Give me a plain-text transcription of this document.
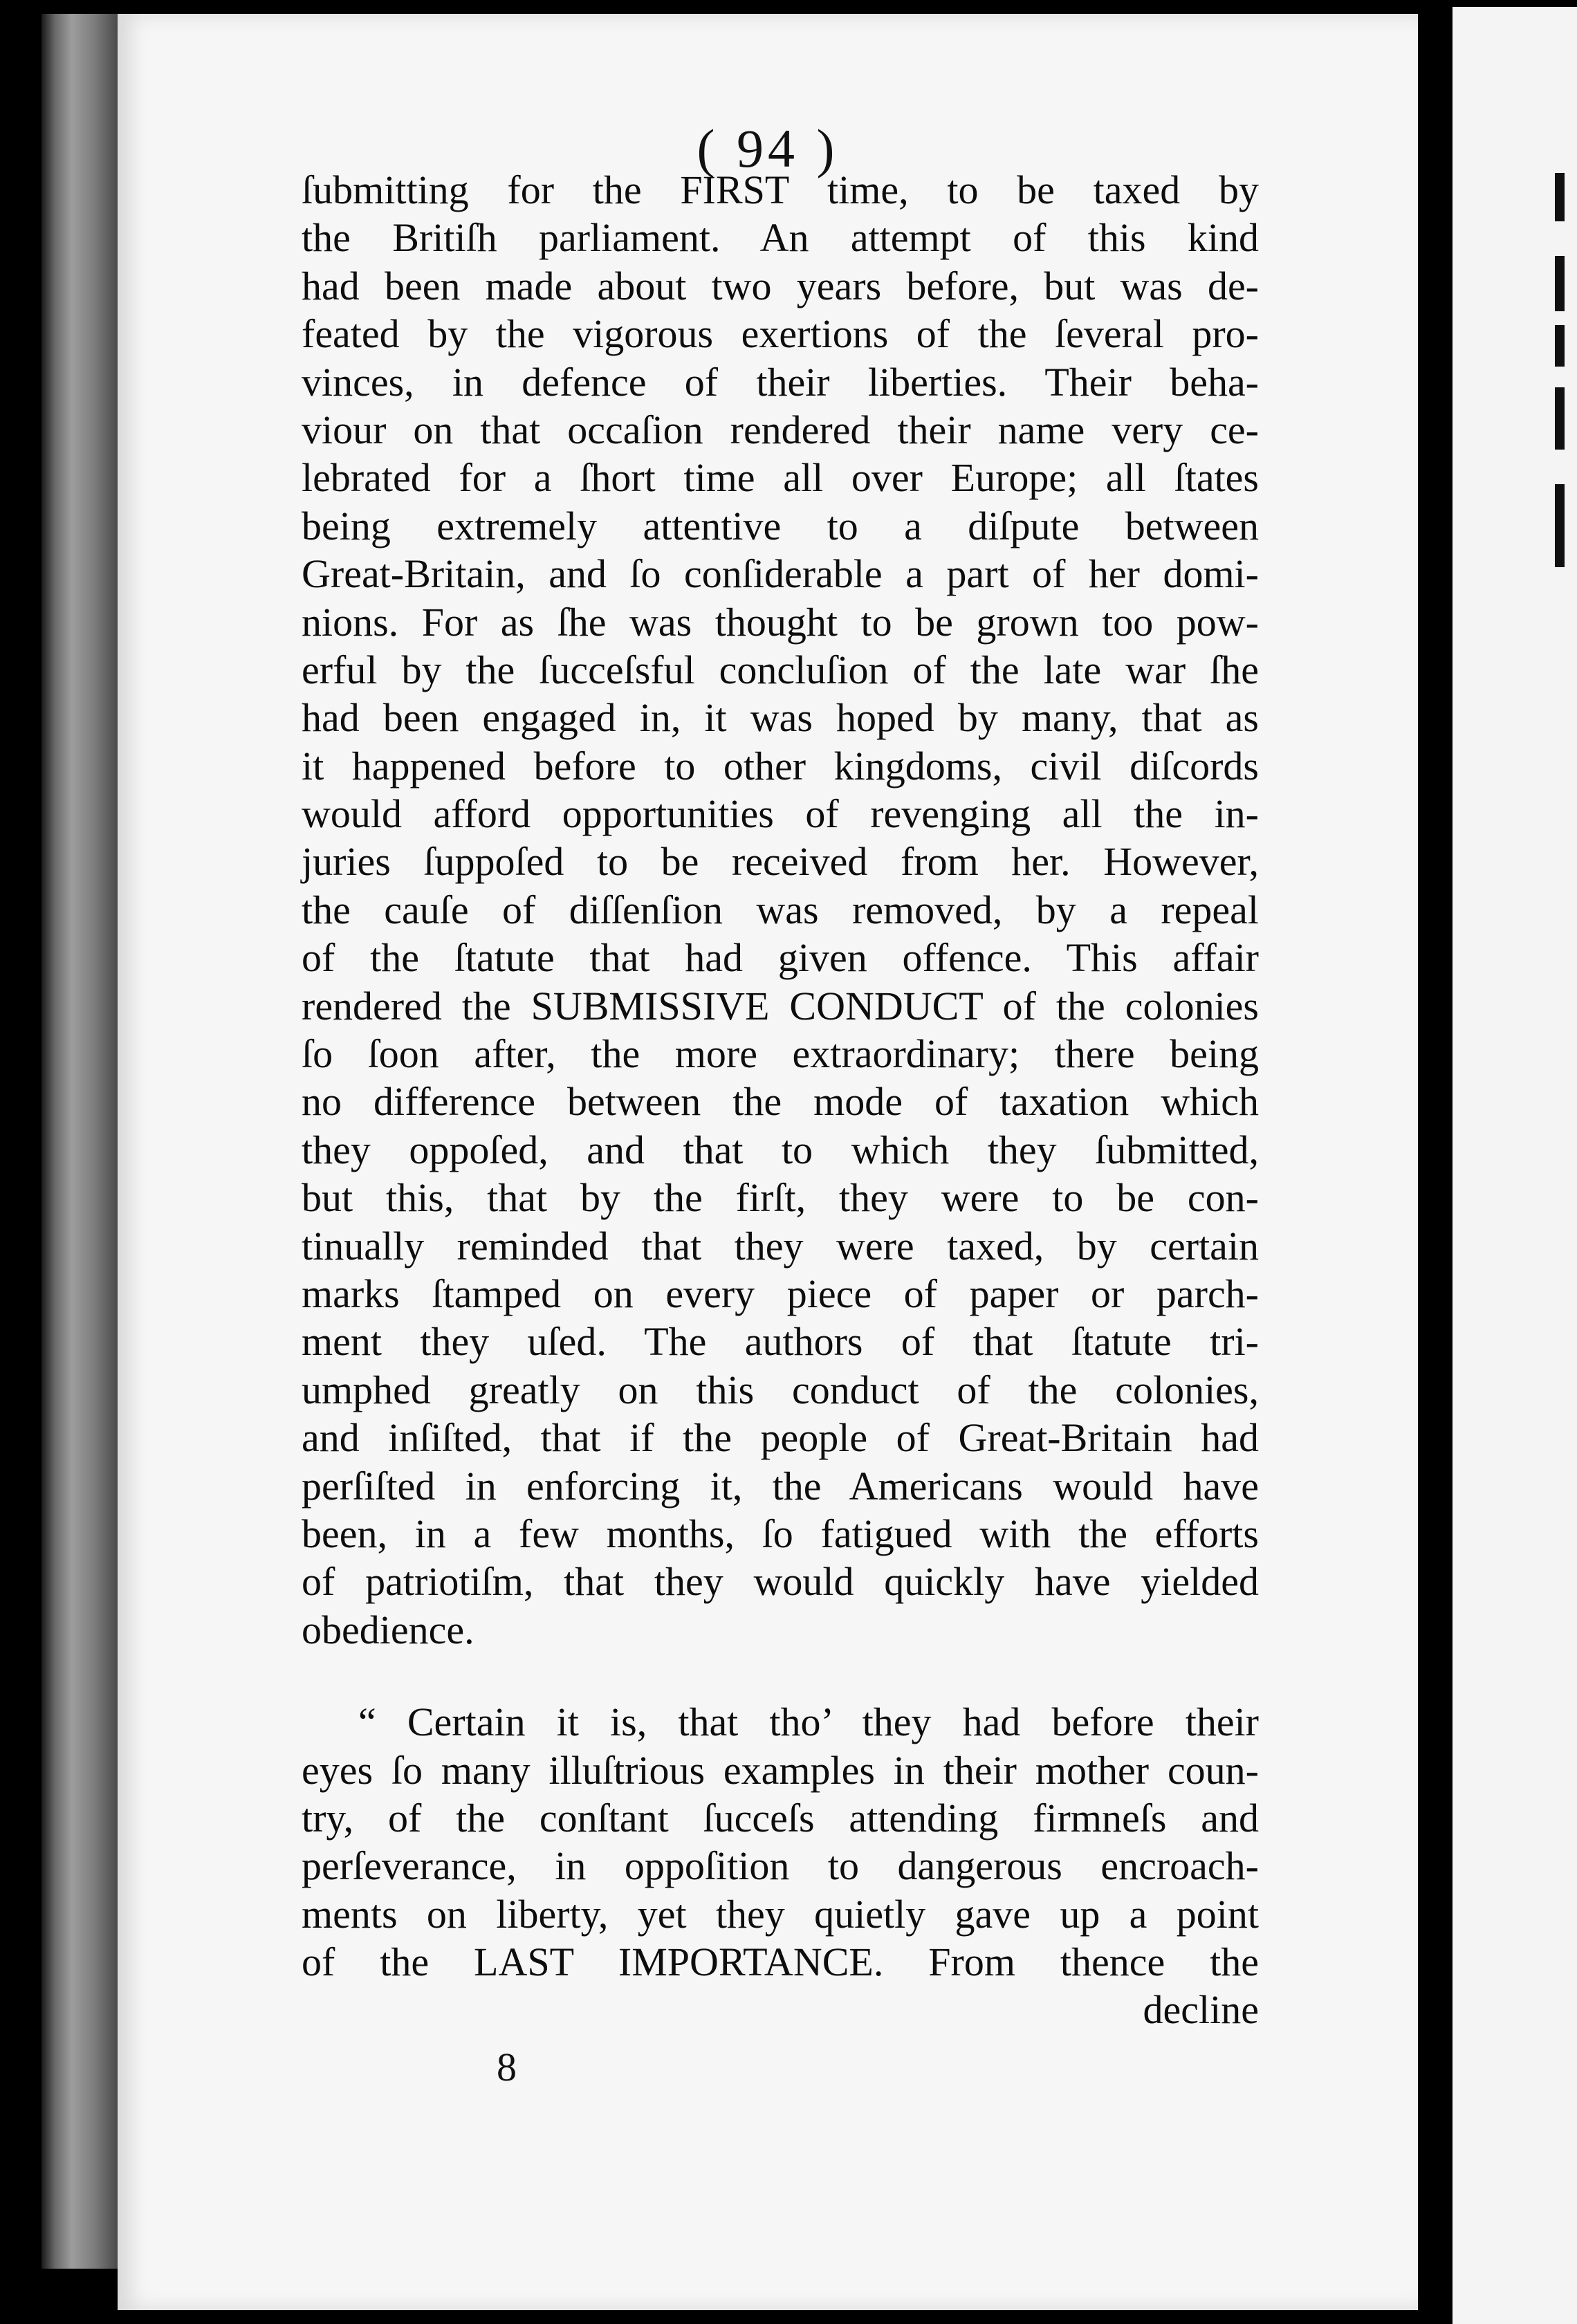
( 94 )
ſubmitting for the FIRST time, to be taxed by
the Britiſh parliament. An attempt of this kind
had been made about two years before, but was de-
feated by the vigorous exertions of the ſeveral pro-
vinces, in defence of their liberties. Their beha-
viour on that occaſion rendered their name very ce-
lebrated for a ſhort time all over Europe; all ſtates
being extremely attentive to a diſpute between
Great-Britain, and ſo conſiderable a part of her domi-
nions. For as ſhe was thought to be grown too pow-
erful by the ſucceſsful concluſion of the late war ſhe
had been engaged in, it was hoped by many, that as
it happened before to other kingdoms, civil diſcords
would afford opportunities of revenging all the in-
juries ſuppoſed to be received from her. However,
the cauſe of diſſenſion was removed, by a repeal
of the ſtatute that had given offence. This affair
rendered the SUBMISSIVE CONDUCT of the colonies
ſo ſoon after, the more extraordinary; there being
no difference between the mode of taxation which
they oppoſed, and that to which they ſubmitted,
but this, that by the firſt, they were to be con-
tinually reminded that they were taxed, by certain
marks ſtamped on every piece of paper or parch-
ment they uſed. The authors of that ſtatute tri-
umphed greatly on this conduct of the colonies,
and inſiſted, that if the people of Great-Britain had
perſiſted in enforcing it, the Americans would have
been, in a few months, ſo fatigued with the efforts
of patriotiſm, that they would quickly have yielded
obedience.
“ Certain it is, that tho’ they had before their
eyes ſo many illuſtrious examples in their mother coun-
try, of the conſtant ſucceſs attending firmneſs and
perſeverance, in oppoſition to dangerous encroach-
ments on liberty, yet they quietly gave up a point
of the LAST IMPORTANCE. From thence the
decline
8
